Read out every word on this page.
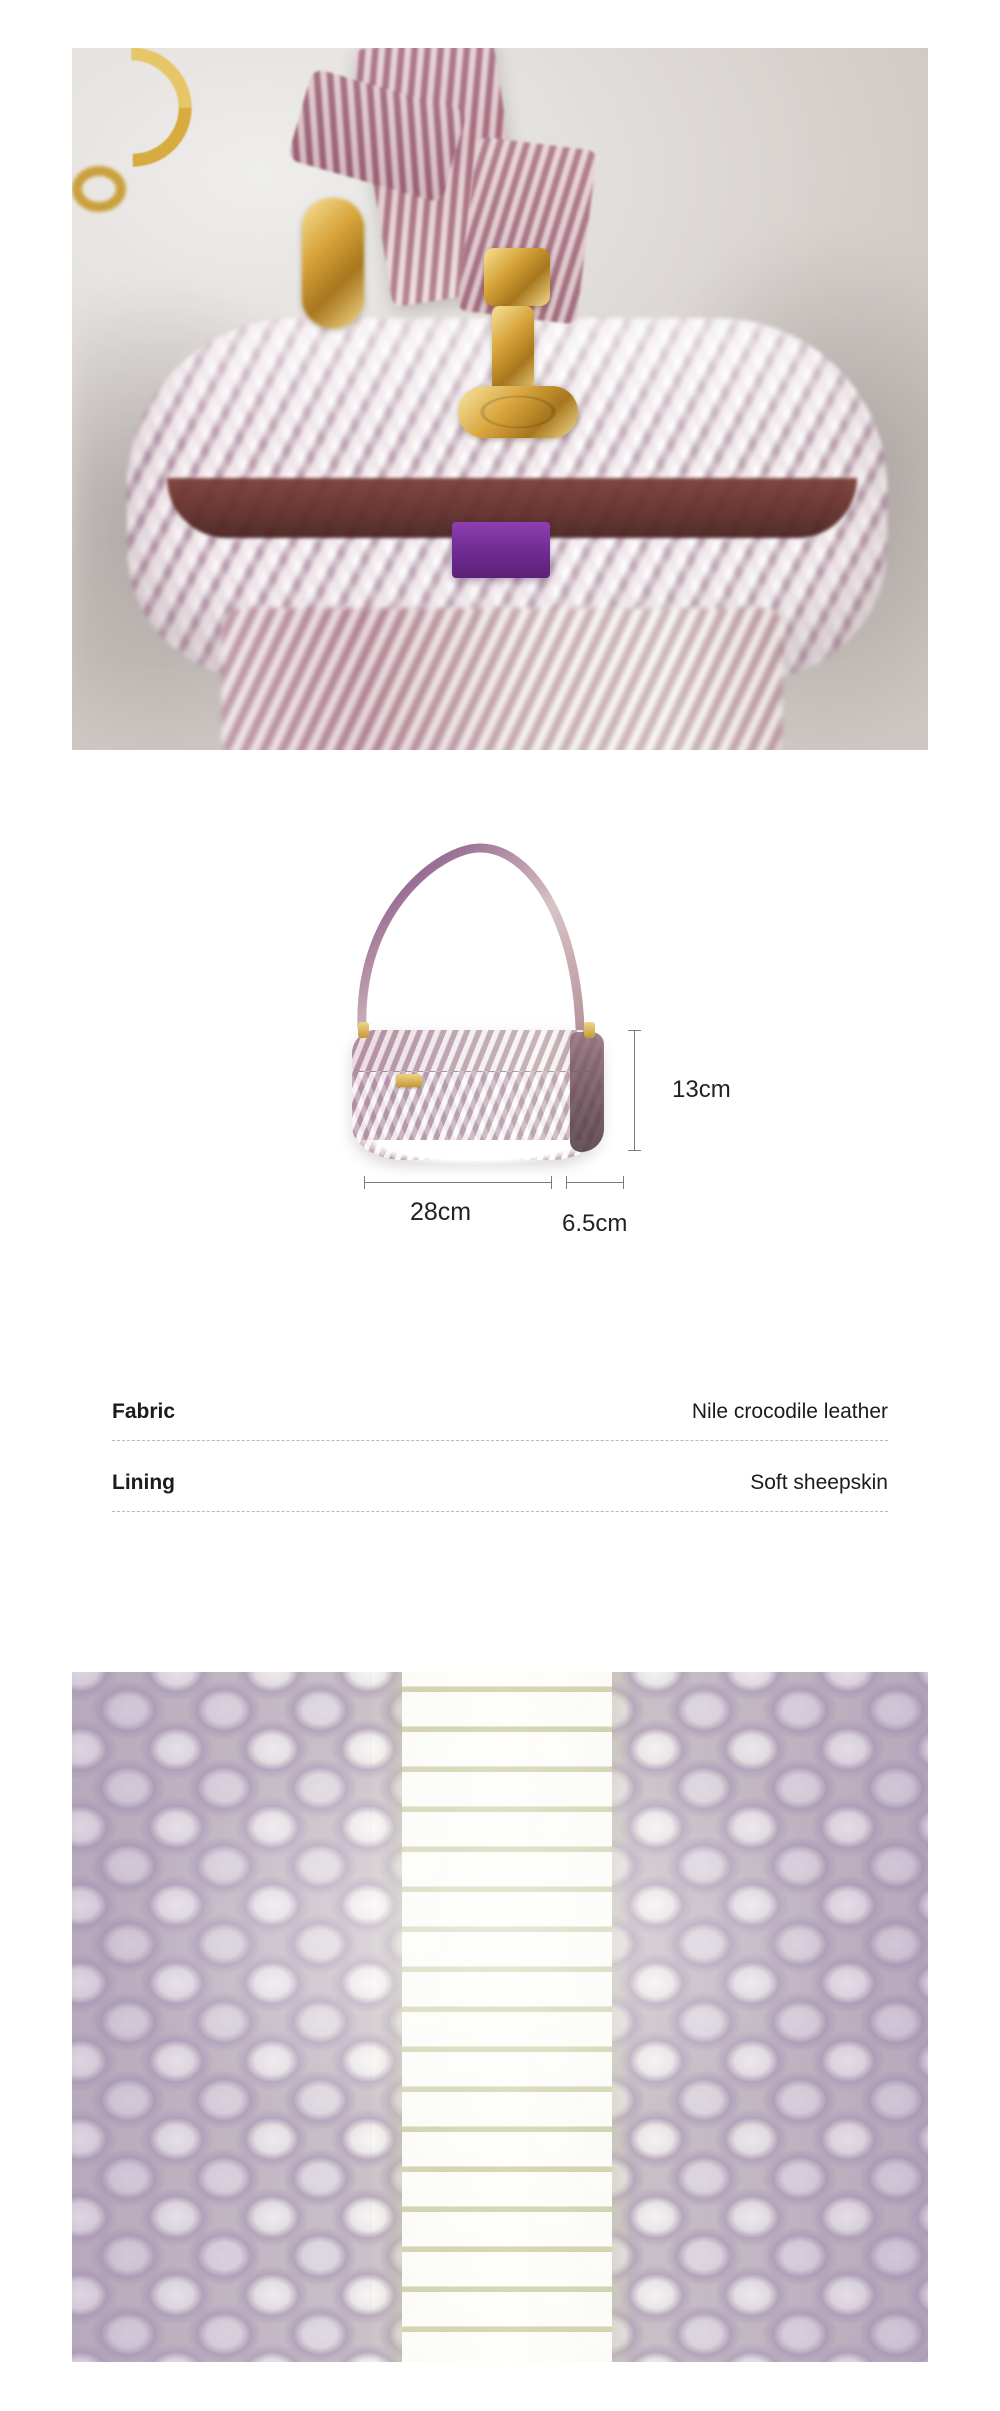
13cm
28cm	6.5cm
Fabric	Nile crocodile leather
Lining	Soft sheepskin
